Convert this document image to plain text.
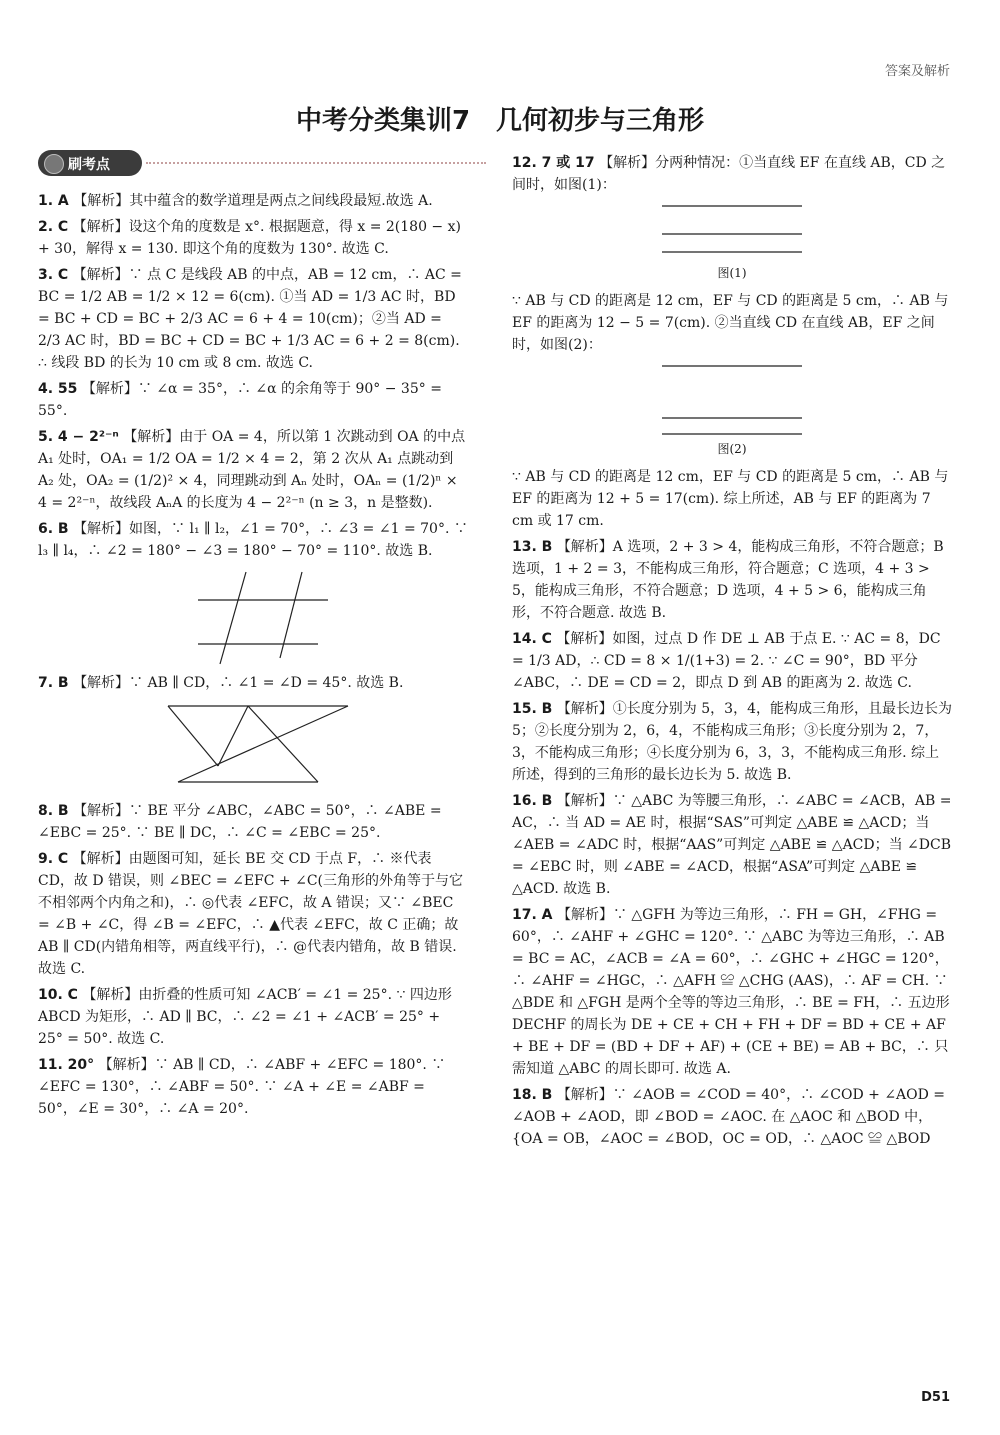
答案及解析
中考分类集训7　几何初步与三角形
刷考点

1. A 【解析】其中蕴含的数学道理是两点之间线段最短.故选 A.

2. C 【解析】设这个角的度数是 x°. 根据题意，得 x = 2(180 − x) + 30，解得 x = 130. 即这个角的度数为 130°. 故选 C.

3. C 【解析】∵ 点 C 是线段 AB 的中点，AB = 12 cm，∴ AC = BC = 1/2 AB = 1/2 × 12 = 6(cm). ①当 AD = 1/3 AC 时，BD = BC + CD = BC + 2/3 AC = 6 + 4 = 10(cm)；②当 AD = 2/3 AC 时，BD = BC + CD = BC + 1/3 AC = 6 + 2 = 8(cm). ∴ 线段 BD 的长为 10 cm 或 8 cm. 故选 C.

4. 55 【解析】∵ ∠α = 35°，∴ ∠α 的余角等于 90° − 35° = 55°.

5. 4 − 2²⁻ⁿ 【解析】由于 OA = 4，所以第 1 次跳动到 OA 的中点 A₁ 处时，OA₁ = 1/2 OA = 1/2 × 4 = 2，第 2 次从 A₁ 点跳动到 A₂ 处，OA₂ = (1/2)² × 4，同理跳动到 Aₙ 处时，OAₙ = (1/2)ⁿ × 4 = 2²⁻ⁿ，故线段 AₙA 的长度为 4 − 2²⁻ⁿ (n ≥ 3，n 是整数).

6. B 【解析】如图，∵ l₁ ∥ l₂，∠1 = 70°，∴ ∠3 = ∠1 = 70°. ∵ l₃ ∥ l₄，∴ ∠2 = 180° − ∠3 = 180° − 70° = 110°. 故选 B.

7. B 【解析】∵ AB ∥ CD，∴ ∠1 = ∠D = 45°. 故选 B.

8. B 【解析】∵ BE 平分 ∠ABC，∠ABC = 50°，∴ ∠ABE = ∠EBC = 25°. ∵ BE ∥ DC，∴ ∠C = ∠EBC = 25°.

9. C 【解析】由题图可知，延长 BE 交 CD 于点 F，∴ ※代表 CD，故 D 错误，则 ∠BEC = ∠EFC + ∠C(三角形的外角等于与它不相邻两个内角之和)，∴ ◎代表 ∠EFC，故 A 错误；又∵ ∠BEC = ∠B + ∠C，得 ∠B = ∠EFC，∴ ▲代表 ∠EFC，故 C 正确；故 AB ∥ CD(内错角相等，两直线平行)，∴ @代表内错角，故 B 错误. 故选 C.

10. C 【解析】由折叠的性质可知 ∠ACB′ = ∠1 = 25°. ∵ 四边形 ABCD 为矩形，∴ AD ∥ BC，∴ ∠2 = ∠1 + ∠ACB′ = 25° + 25° = 50°. 故选 C.

11. 20° 【解析】∵ AB ∥ CD，∴ ∠ABF + ∠EFC = 180°. ∵ ∠EFC = 130°，∴ ∠ABF = 50°. ∵ ∠A + ∠E = ∠ABF = 50°，∠E = 30°，∴ ∠A = 20°.

12. 7 或 17 【解析】分两种情况：①当直线 EF 在直线 AB，CD 之间时，如图(1)：

图(1)

∵ AB 与 CD 的距离是 12 cm，EF 与 CD 的距离是 5 cm，∴ AB 与 EF 的距离为 12 − 5 = 7(cm). ②当直线 CD 在直线 AB，EF 之间时，如图(2)：

图(2)

∵ AB 与 CD 的距离是 12 cm，EF 与 CD 的距离是 5 cm，∴ AB 与 EF 的距离为 12 + 5 = 17(cm). 综上所述，AB 与 EF 的距离为 7 cm 或 17 cm.

13. B 【解析】A 选项，2 + 3 > 4，能构成三角形，不符合题意；B 选项，1 + 2 = 3，不能构成三角形，符合题意；C 选项，4 + 3 > 5，能构成三角形，不符合题意；D 选项，4 + 5 > 6，能构成三角形，不符合题意. 故选 B.

14. C 【解析】如图，过点 D 作 DE ⊥ AB 于点 E. ∵ AC = 8，DC = 1/3 AD，∴ CD = 8 × 1/(1+3) = 2. ∵ ∠C = 90°，BD 平分 ∠ABC，∴ DE = CD = 2，即点 D 到 AB 的距离为 2. 故选 C.

15. B 【解析】①长度分别为 5，3，4，能构成三角形，且最长边长为 5；②长度分别为 2，6，4，不能构成三角形；③长度分别为 2，7，3，不能构成三角形；④长度分别为 6，3，3，不能构成三角形. 综上所述，得到的三角形的最长边长为 5. 故选 B.

16. B 【解析】∵ △ABC 为等腰三角形，∴ ∠ABC = ∠ACB，AB = AC，∴ 当 AD = AE 时，根据“SAS”可判定 △ABE ≌ △ACD；当 ∠AEB = ∠ADC 时，根据“AAS”可判定 △ABE ≌ △ACD；当 ∠DCB = ∠EBC 时，则 ∠ABE = ∠ACD，根据“ASA”可判定 △ABE ≌ △ACD. 故选 B.

17. A 【解析】∵ △GFH 为等边三角形，∴ FH = GH，∠FHG = 60°，∴ ∠AHF + ∠GHC = 120°. ∵ △ABC 为等边三角形，∴ AB = BC = AC，∠ACB = ∠A = 60°，∴ ∠GHC + ∠HGC = 120°，∴ ∠AHF = ∠HGC，∴ △AFH ≌ △CHG (AAS)，∴ AF = CH. ∵ △BDE 和 △FGH 是两个全等的等边三角形，∴ BE = FH，∴ 五边形 DECHF 的周长为 DE + CE + CH + FH + DF = BD + CE + AF + BE + DF = (BD + DF + AF) + (CE + BE) = AB + BC，∴ 只需知道 △ABC 的周长即可. 故选 A.

18. B 【解析】∵ ∠AOB = ∠COD = 40°，∴ ∠COD + ∠AOD = ∠AOB + ∠AOD，即 ∠BOD = ∠AOC. 在 △AOC 和 △BOD 中，{OA = OB，∠AOC = ∠BOD，OC = OD，∴ △AOC ≌ △BOD

D51
